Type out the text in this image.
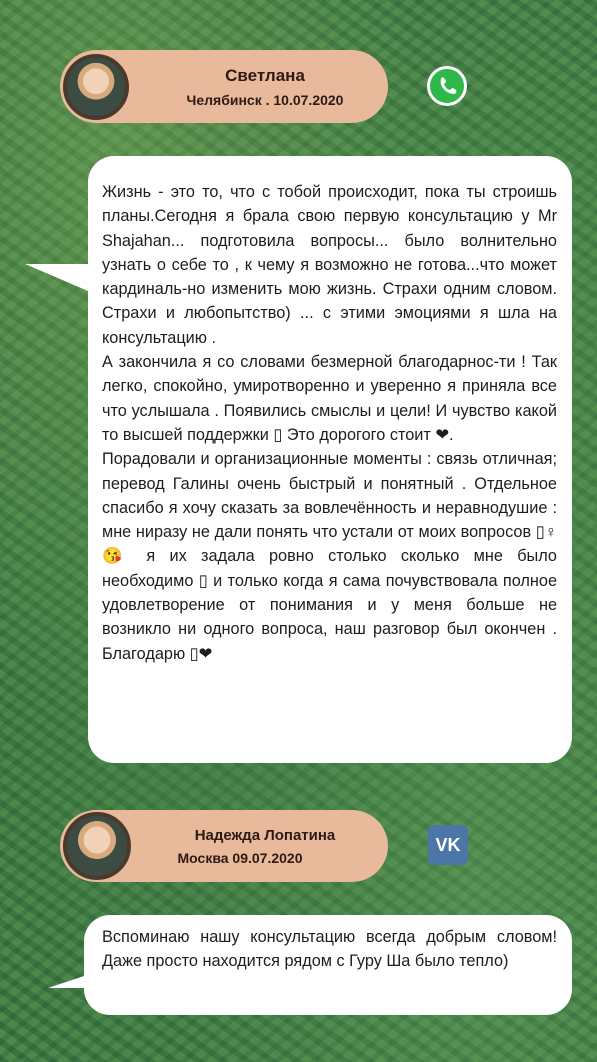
Светлана
Челябинск . 10.07.2020
Жизнь - это то, что с тобой происходит, пока ты строишь планы.Сегодня я брала свою первую консультацию у Mr Shajahan... подготовила вопросы... было волнительно узнать о себе то , к чему я возможно не готова...что может кардиналь-но изменить мою жизнь. Страхи одним словом. Страхи и любопытство) ... с этими эмоциями я шла на консультацию .
А закончила я со словами безмерной благодарнос-ти ! Так легко, спокойно, умиротворенно и уверенно я приняла все что услышала . Появились смыслы и цели! И чувство какой то высшей поддержки ▯ Это дорогого стоит ❤.
Порадовали и организационные моменты : связь отличная; перевод Галины очень быстрый и понятный . Отдельное спасибо я хочу сказать за вовлечённость и неравнодушие : мне ниразу не дали понять что устали от моих вопросов ▯♀ 😘 я их задала ровно столько сколько мне было необходимо ▯ и только когда я сама почувствовала полное удовлетворение от понимания и у меня больше не возникло ни одного вопроса, наш разговор был окончен . Благодарю ▯❤
Надежда Лопатина
Москва 09.07.2020
VK
Вспоминаю нашу консультацию всегда добрым словом! Даже просто находится рядом с Гуру Ша было тепло)
